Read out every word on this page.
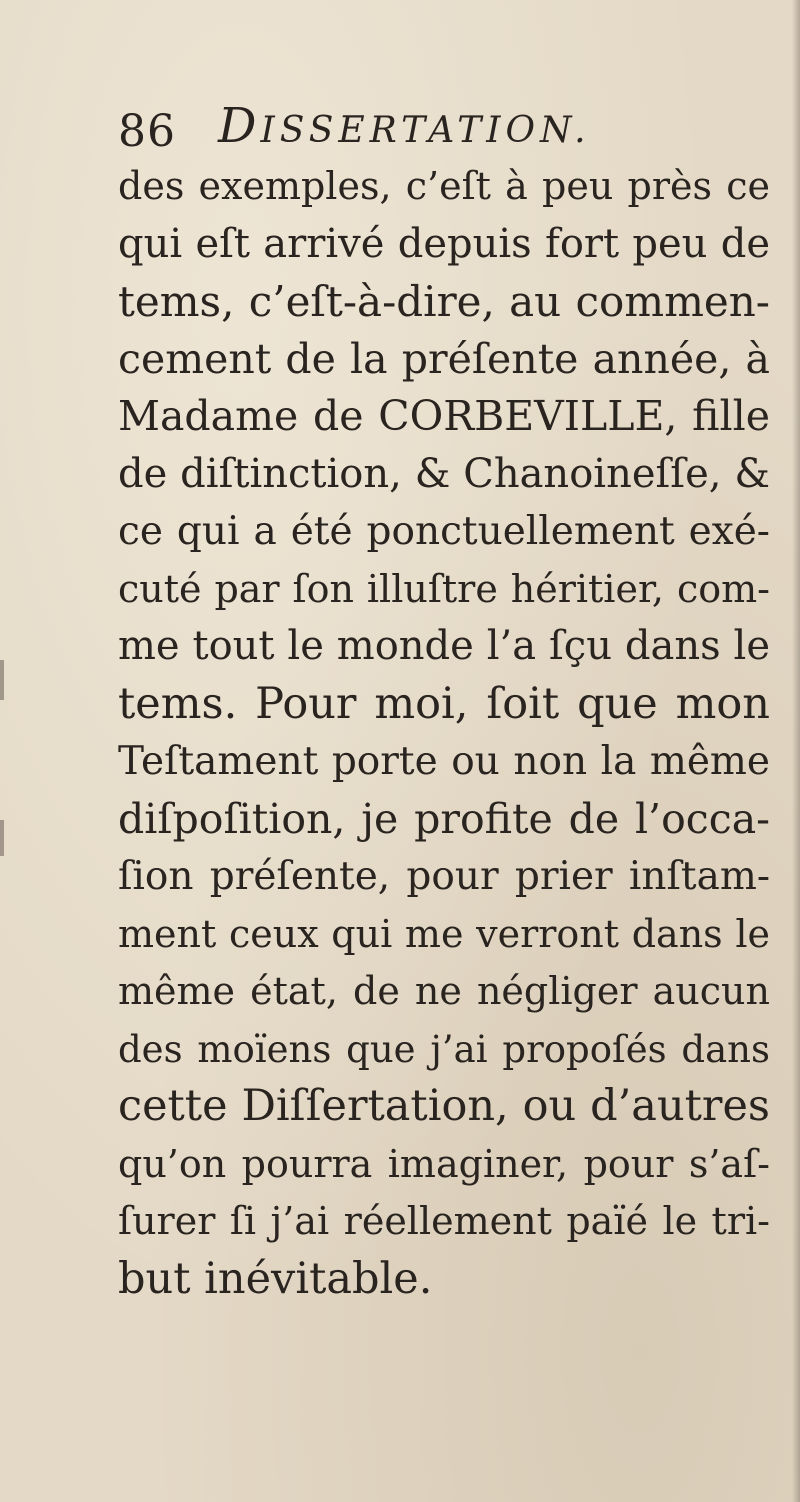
86 DISSERTATION.
des exemples, c’eſt à peu près ce
qui eſt arrivé depuis fort peu de
tems, c’eſt-à-dire, au commen-
cement de la préſente année, à
Madame de CORBEVILLE, fille
de diſtinction, & Chanoineſſe, &
ce qui a été ponctuellement exé-
cuté par ſon illuſtre héritier, com-
me tout le monde l’a ſçu dans le
tems. Pour moi, ſoit que mon
Teſtament porte ou non la même
diſpoſition, je profite de l’occa-
ſion préſente, pour prier inſtam-
ment ceux qui me verront dans le
même état, de ne négliger aucun
des moïens que j’ai propoſés dans
cette Diſſertation, ou d’autres
qu’on pourra imaginer, pour s’aſ-
ſurer ſi j’ai réellement païé le tri-
but inévitable.
